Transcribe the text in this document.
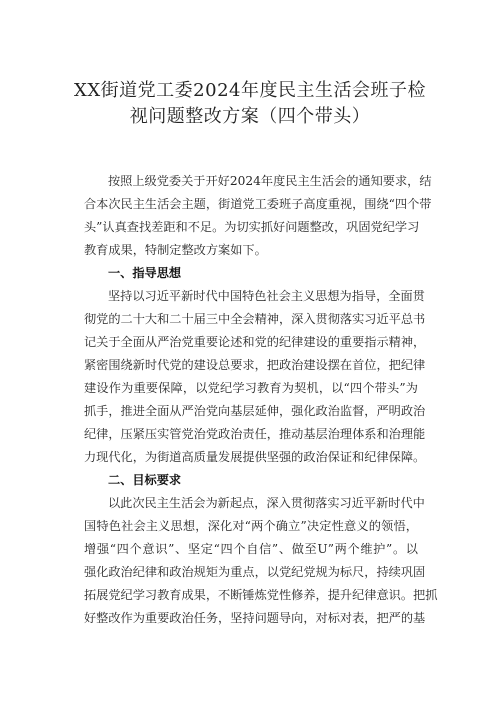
XX街道党工委2024年度民主生活会班子检
视问题整改方案（四个带头）
按照上级党委关于开好2024年度民主生活会的通知要求，结
合本次民主生活会主题，街道党工委班子高度重视，围绕“四个带
头”认真查找差距和不足。为切实抓好问题整改，巩固党纪学习
教育成果，特制定整改方案如下。
一、指导思想
坚持以习近平新时代中国特色社会主义思想为指导，全面贯
彻党的二十大和二十届三中全会精神，深入贯彻落实习近平总书
记关于全面从严治党重要论述和党的纪律建设的重要指示精神，
紧密围绕新时代党的建设总要求，把政治建设摆在首位，把纪律
建设作为重要保障，以党纪学习教育为契机，以“四个带头”为
抓手，推进全面从严治党向基层延伸，强化政治监督，严明政治
纪律，压紧压实管党治党政治责任，推动基层治理体系和治理能
力现代化，为街道高质量发展提供坚强的政治保证和纪律保障。
二、目标要求
以此次民主生活会为新起点，深入贯彻落实习近平新时代中
国特色社会主义思想，深化对“两个确立”决定性意义的领悟，
增强“四个意识”、坚定“四个自信”、做至U”两个维护”。以
强化政治纪律和政治规矩为重点，以党纪党规为标尺，持续巩固
拓展党纪学习教育成果，不断锤炼党性修养，提升纪律意识。把抓
好整改作为重要政治任务，坚持问题导向，对标对表，把严的基
